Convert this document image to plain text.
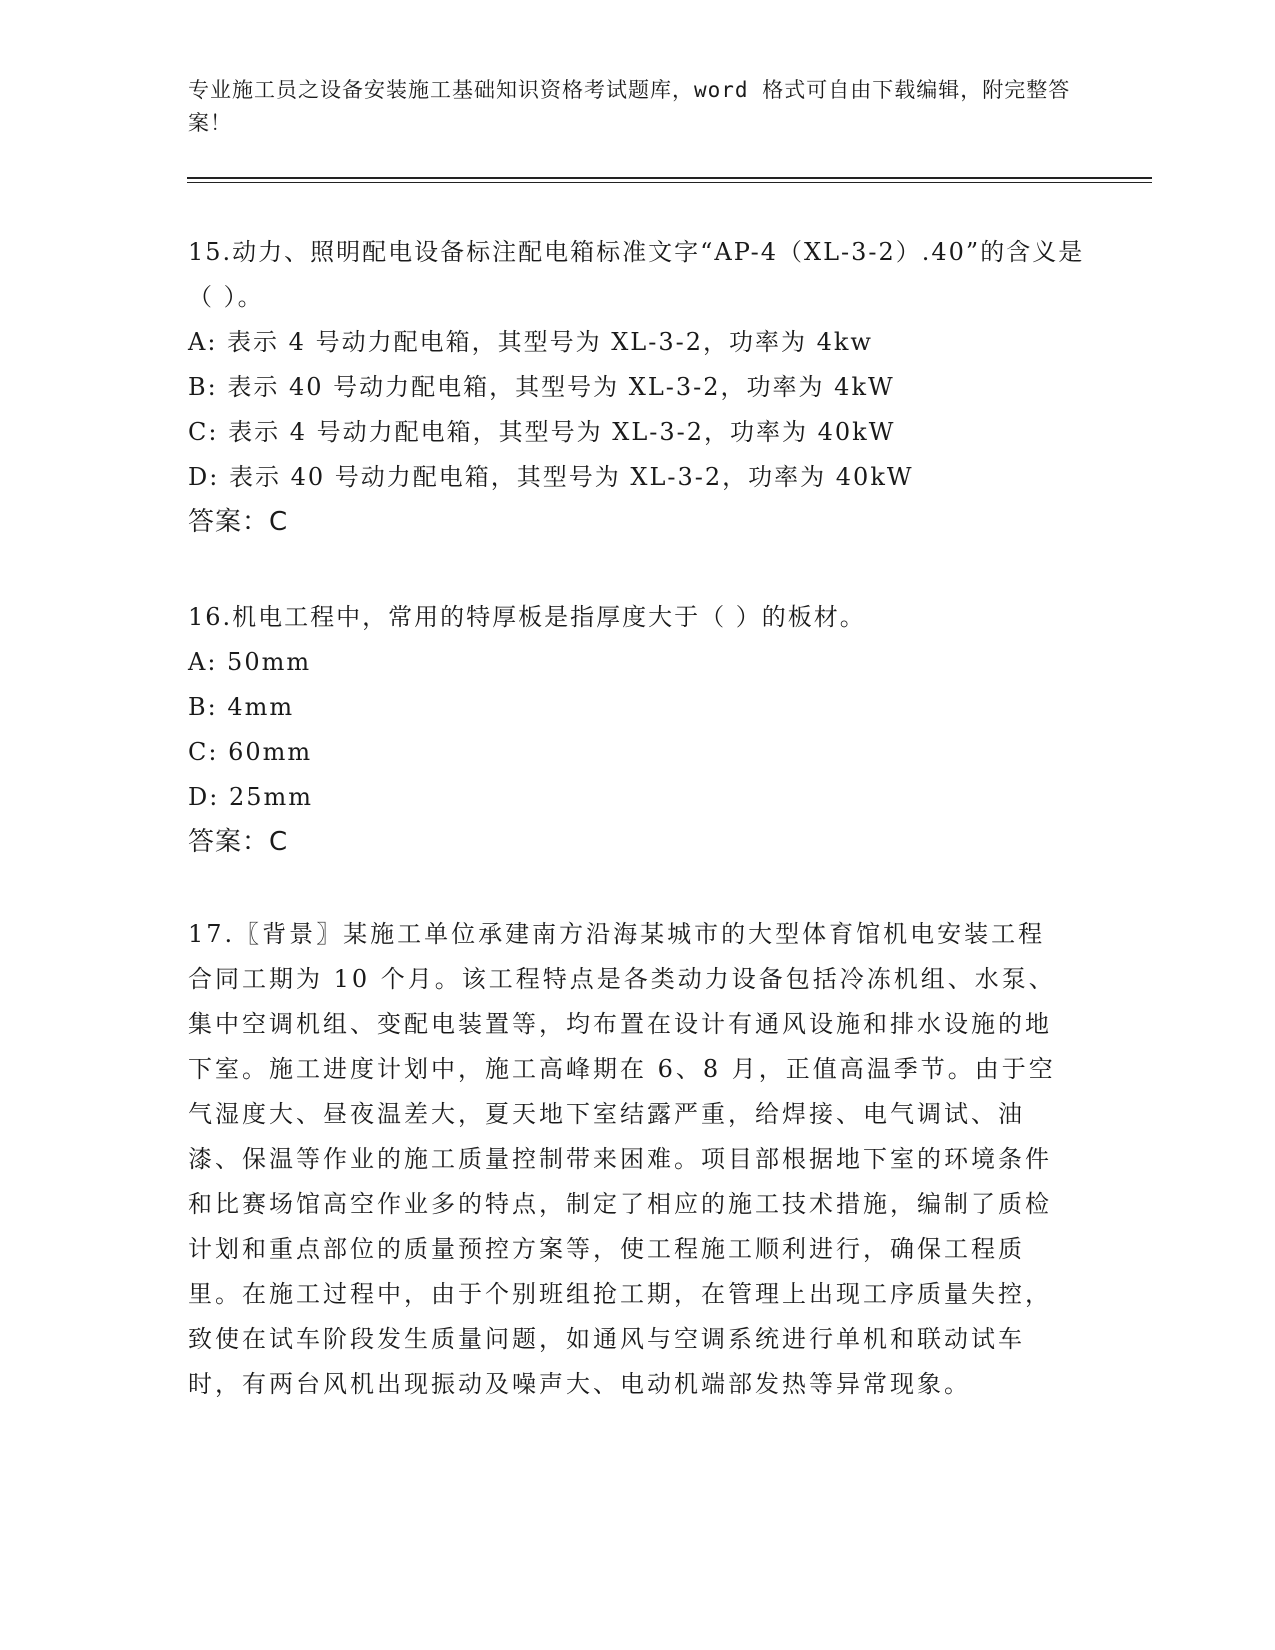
专业施工员之设备安装施工基础知识资格考试题库，word 格式可自由下载编辑，附完整答案！
15.动力、照明配电设备标注配电箱标准文字“AP-4（XL-3-2）.40”的含义是（ ）。
A: 表示 4 号动力配电箱，其型号为 XL-3-2，功率为 4kw
B: 表示 40 号动力配电箱，其型号为 XL-3-2，功率为 4kW
C: 表示 4 号动力配电箱，其型号为 XL-3-2，功率为 40kW
D: 表示 40 号动力配电箱，其型号为 XL-3-2，功率为 40kW
答案：C
16.机电工程中，常用的特厚板是指厚度大于（ ）的板材。
A: 50mm
B: 4mm
C: 60mm
D: 25mm
答案：C
17.〖背景〗某施工单位承建南方沿海某城市的大型体育馆机电安装工程合同工期为 10 个月。该工程特点是各类动力设备包括冷冻机组、水泵、集中空调机组、变配电装置等，均布置在设计有通风设施和排水设施的地下室。施工进度计划中，施工高峰期在 6、8 月，正值高温季节。由于空气湿度大、昼夜温差大，夏天地下室结露严重，给焊接、电气调试、油漆、保温等作业的施工质量控制带来困难。项目部根据地下室的环境条件和比赛场馆高空作业多的特点，制定了相应的施工技术措施，编制了质检计划和重点部位的质量预控方案等，使工程施工顺利进行，确保工程质里。在施工过程中，由于个别班组抢工期，在管理上出现工序质量失控，致使在试车阶段发生质量问题，如通风与空调系统进行单机和联动试车时，有两台风机出现振动及噪声大、电动机端部发热等异常现象。
